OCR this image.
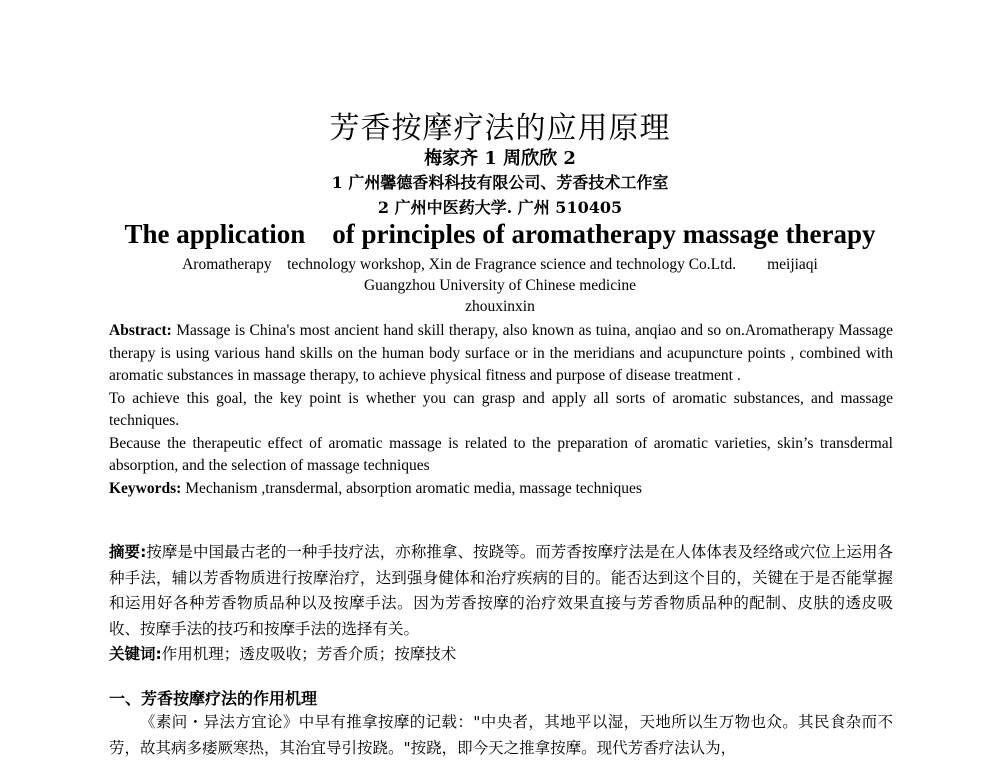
芳香按摩疗法的应用原理
梅家齐 1 周欣欣 2
1 广州馨德香料科技有限公司、芳香技术工作室
2 广州中医药大学. 广州 510405
The application    of principles of aromatherapy massage therapy
Aromatherapy    technology workshop, Xin de Fragrance science and technology Co.Ltd.        meijiaqi
Guangzhou University of Chinese medicine
zhouxinxin

Abstract: Massage is China's most ancient hand skill therapy, also known as tuina, anqiao and so on.Aromatherapy Massage therapy is using various hand skills on the human body surface or in the meridians and acupuncture points , combined with aromatic substances in massage therapy, to achieve physical fitness and purpose of disease treatment .

To achieve this goal, the key point is whether you can grasp and apply all sorts of aromatic substances, and massage techniques.

Because the therapeutic effect of aromatic massage is related to the preparation of aromatic varieties, skin’s transdermal absorption, and the selection of massage techniques

Keywords: Mechanism ,transdermal, absorption aromatic media, massage techniques

摘要:按摩是中国最古老的一种手技疗法，亦称推拿、按跷等。而芳香按摩疗法是在人体体表及经络或穴位上运用各种手法，辅以芳香物质进行按摩治疗，达到强身健体和治疗疾病的目的。能否达到这个目的，关键在于是否能掌握和运用好各种芳香物质品种以及按摩手法。因为芳香按摩的治疗效果直接与芳香物质品种的配制、皮肤的透皮吸收、按摩手法的技巧和按摩手法的选择有关。

关键词:作用机理；透皮吸收；芳香介质；按摩技术

一、芳香按摩疗法的作用机理

《素问・异法方宜论》中早有推拿按摩的记载："中央者，其地平以湿，天地所以生万物也众。其民食杂而不劳，故其病多痿厥寒热，其治宜导引按跷。"按跷，即今天之推拿按摩。现代芳香疗法认为，
